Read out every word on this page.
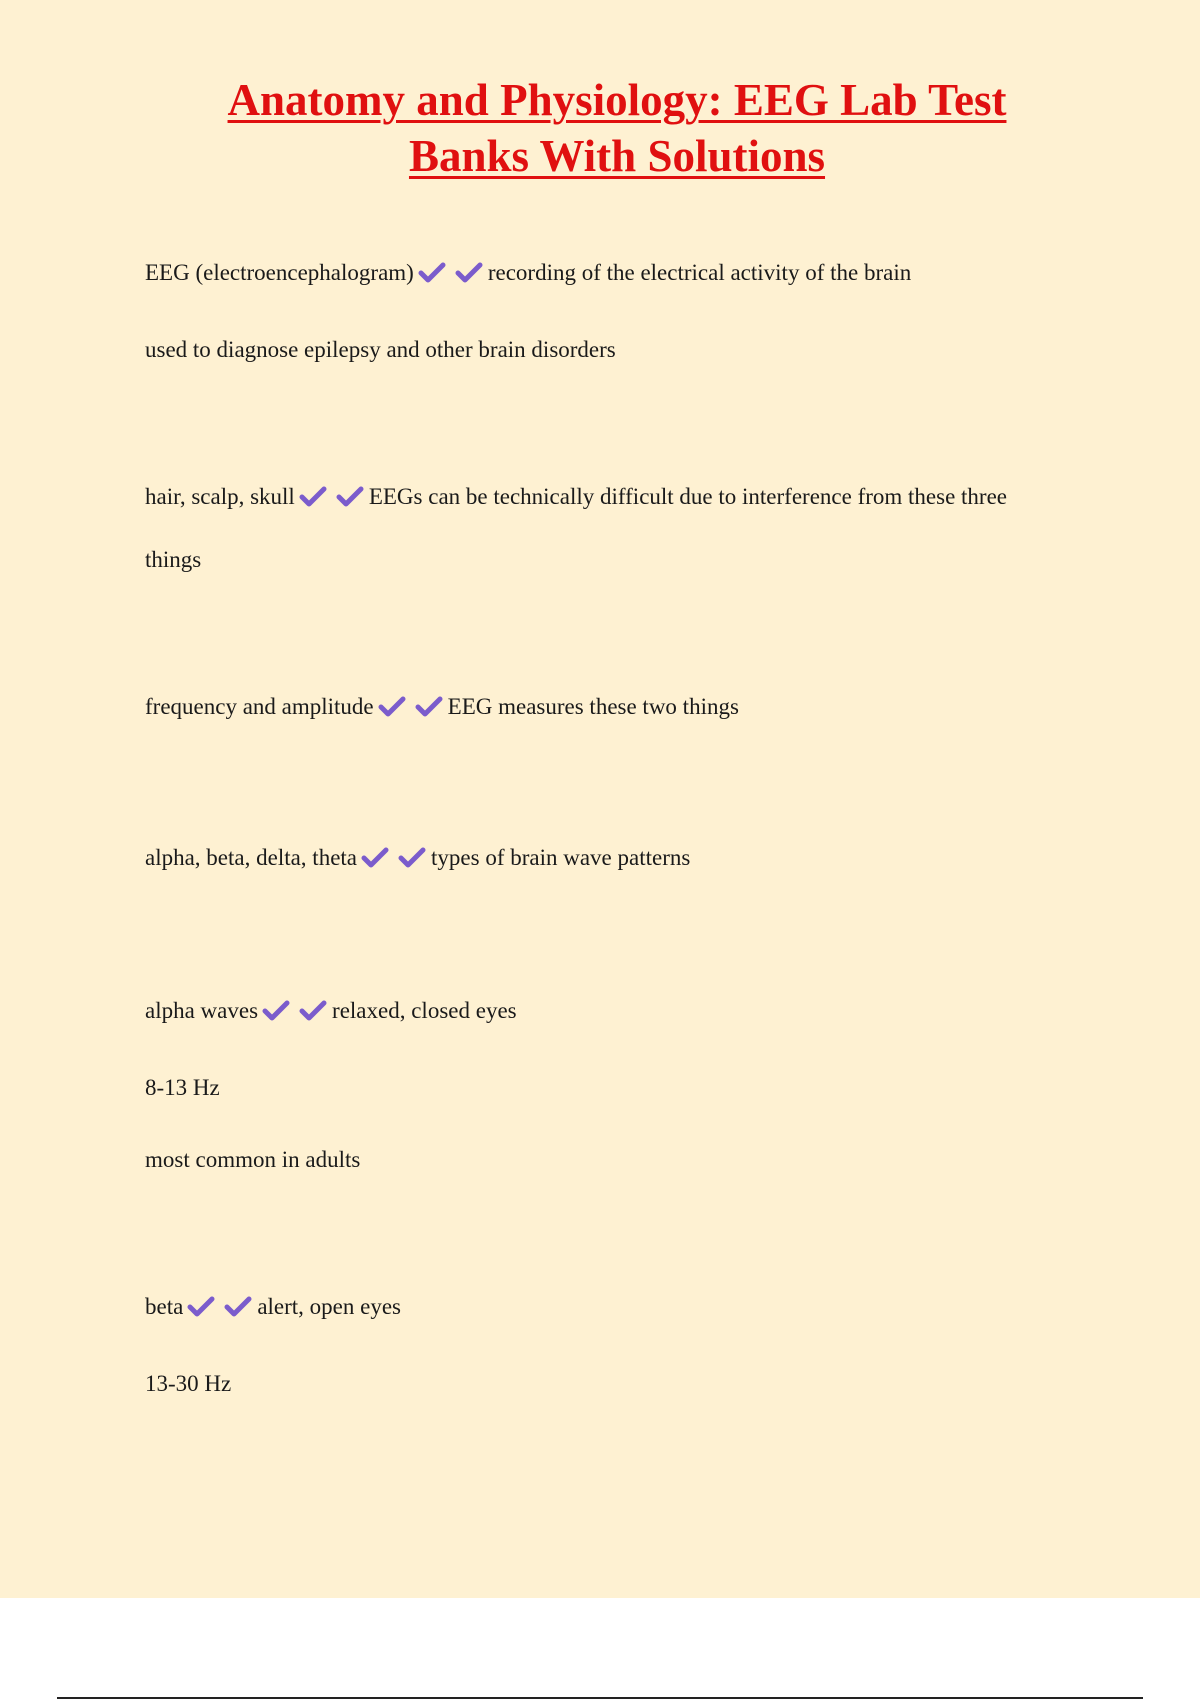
Anatomy and Physiology: EEG Lab Test
Banks With Solutions
EEG (electroencephalogram)	recording of the electrical activity of the brain
used to diagnose epilepsy and other brain disorders
hair, scalp, skull	EEGs can be technically difficult due to interference from these three
things
frequency and amplitude	EEG measures these two things
alpha, beta, delta, theta	types of brain wave patterns
alpha waves	relaxed, closed eyes
8-13 Hz
most common in adults
beta	alert, open eyes
13-30 Hz
